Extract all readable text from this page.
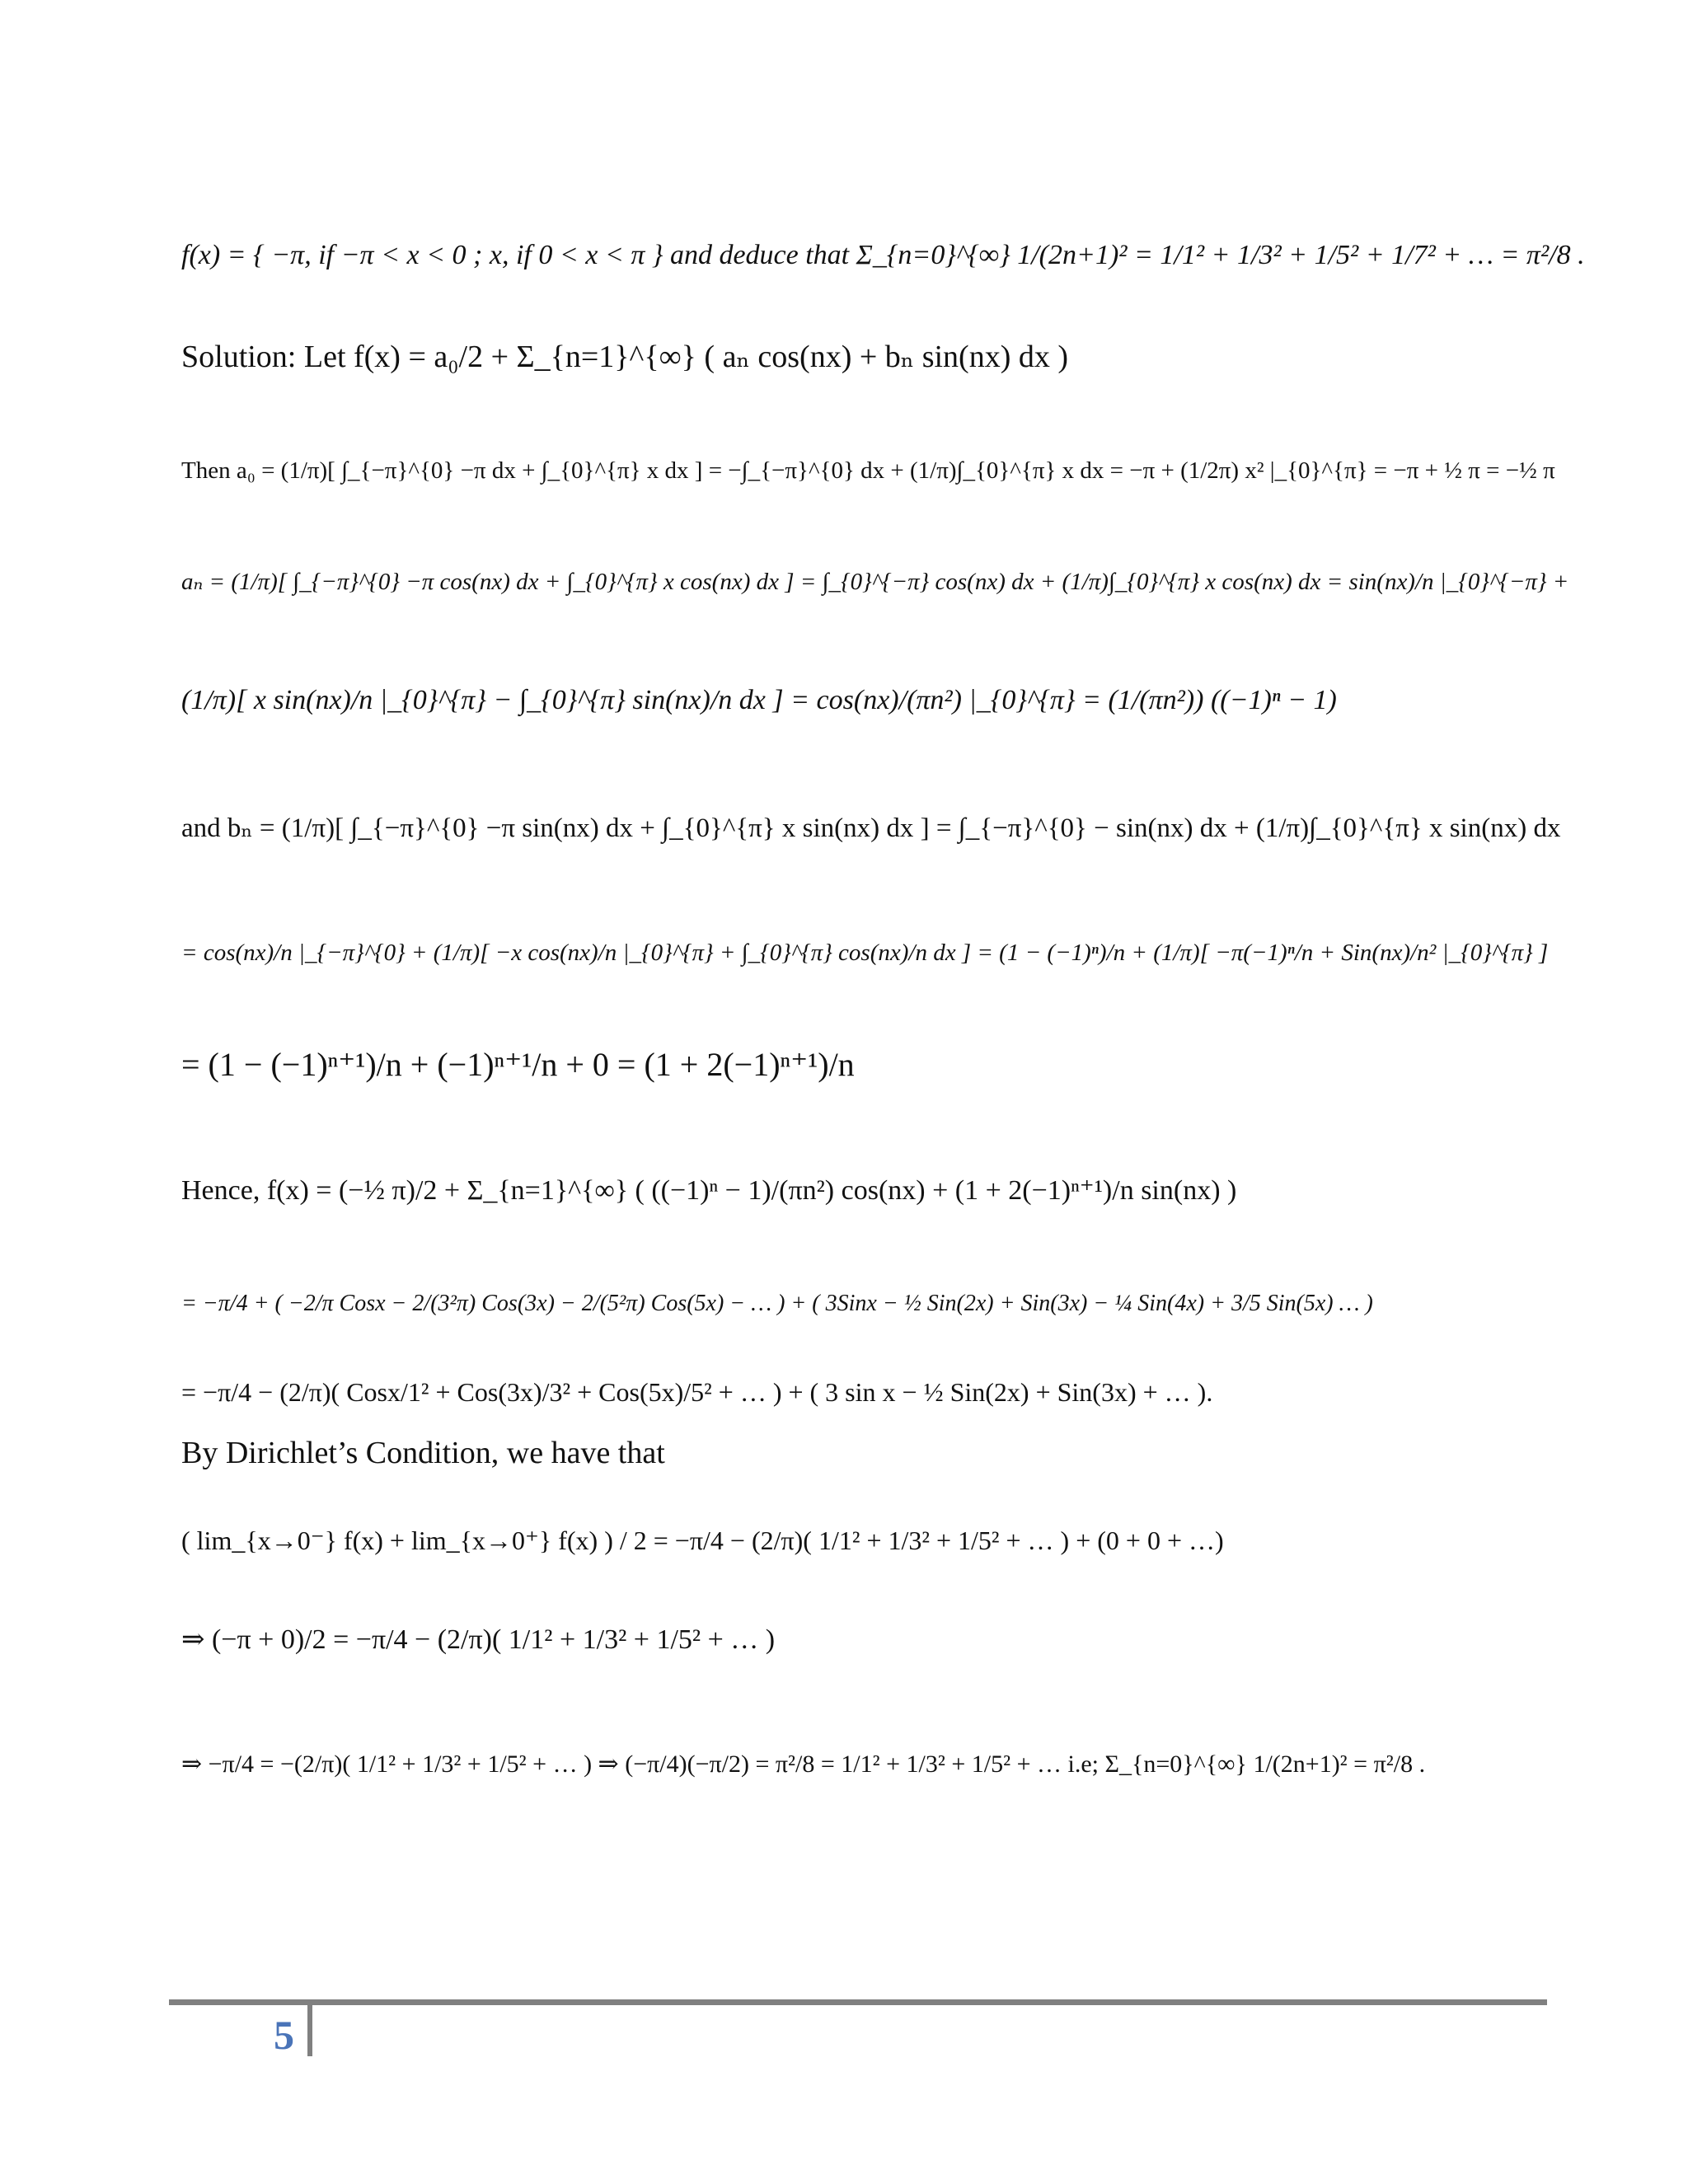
f(x) = { −π, if −π < x < 0 ; x, if 0 < x < π } and deduce that Σ_{n=0}^{∞} 1/(2n+1)² = 1/1² + 1/3² + 1/5² + 1/7² + … = π²/8 .
Solution: Let f(x) = a₀/2 + Σ_{n=1}^{∞} ( aₙ cos(nx) + bₙ sin(nx) dx )
Then a₀ = (1/π)[ ∫_{−π}^{0} −π dx + ∫_{0}^{π} x dx ] = −∫_{−π}^{0} dx + (1/π)∫_{0}^{π} x dx = −π + (1/2π) x² |_{0}^{π} = −π + ½ π = −½ π
aₙ = (1/π)[ ∫_{−π}^{0} −π cos(nx) dx + ∫_{0}^{π} x cos(nx) dx ] = ∫_{0}^{−π} cos(nx) dx + (1/π)∫_{0}^{π} x cos(nx) dx = sin(nx)/n |_{0}^{−π} +
(1/π)[ x sin(nx)/n |_{0}^{π} − ∫_{0}^{π} sin(nx)/n dx ] = cos(nx)/(πn²) |_{0}^{π} = (1/(πn²)) ((−1)ⁿ − 1)
and bₙ = (1/π)[ ∫_{−π}^{0} −π sin(nx) dx + ∫_{0}^{π} x sin(nx) dx ] = ∫_{−π}^{0} − sin(nx) dx + (1/π)∫_{0}^{π} x sin(nx) dx
= cos(nx)/n |_{−π}^{0} + (1/π)[ −x cos(nx)/n |_{0}^{π} + ∫_{0}^{π} cos(nx)/n dx ] = (1 − (−1)ⁿ)/n + (1/π)[ −π(−1)ⁿ/n + Sin(nx)/n² |_{0}^{π} ]
= (1 − (−1)ⁿ⁺¹)/n + (−1)ⁿ⁺¹/n + 0 = (1 + 2(−1)ⁿ⁺¹)/n
Hence, f(x) = (−½ π)/2 + Σ_{n=1}^{∞} ( ((−1)ⁿ − 1)/(πn²) cos(nx) + (1 + 2(−1)ⁿ⁺¹)/n sin(nx) )
= −π/4 + ( −2/π Cosx − 2/(3²π) Cos(3x) − 2/(5²π) Cos(5x) − … ) + ( 3Sinx − ½ Sin(2x) + Sin(3x) − ¼ Sin(4x) + 3/5 Sin(5x) … )
= −π/4 − (2/π)( Cosx/1² + Cos(3x)/3² + Cos(5x)/5² + … ) + ( 3 sin x − ½ Sin(2x) + Sin(3x) + … ).
By Dirichlet’s Condition, we have that
( lim_{x→0⁻} f(x) + lim_{x→0⁺} f(x) ) / 2 = −π/4 − (2/π)( 1/1² + 1/3² + 1/5² + … ) + (0 + 0 + …)
⇒ (−π + 0)/2 = −π/4 − (2/π)( 1/1² + 1/3² + 1/5² + … )
⇒ −π/4 = −(2/π)( 1/1² + 1/3² + 1/5² + … ) ⇒ (−π/4)(−π/2) = π²/8 = 1/1² + 1/3² + 1/5² + … i.e; Σ_{n=0}^{∞} 1/(2n+1)² = π²/8 .
5
